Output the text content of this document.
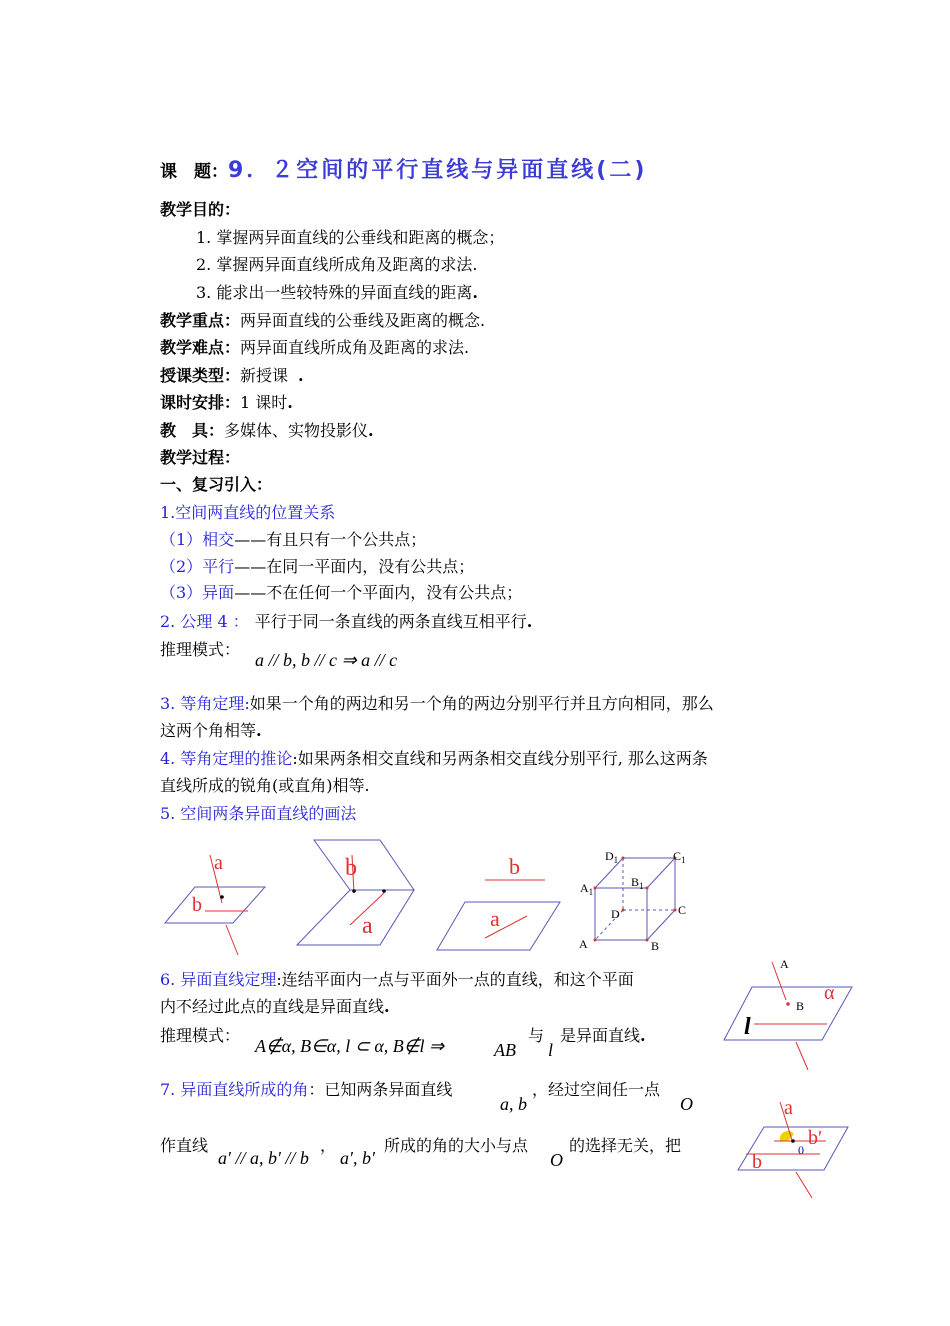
课　题： 9．２空间的平行直线与异面直线(二)
教学目的：
1. 掌握两异面直线的公垂线和距离的概念；
2. 掌握两异面直线所成角及距离的求法.
3. 能求出一些较特殊的异面直线的距离.
教学重点：两异面直线的公垂线及距离的概念.
教学难点：两异面直线所成角及距离的求法.
授课类型：新授课 .
课时安排：1 课时.
教　具：多媒体、实物投影仪.
教学过程：
一、复习引入：
1.空间两直线的位置关系
（1）相交——有且只有一个公共点；
（2）平行——在同一平面内，没有公共点；
（3）异面——不在任何一个平面内，没有公共点；
2. 公理 4 ： 平行于同一条直线的两条直线互相平行.
推理模式：
a // b, b // c ⇒ a // c
3. 等角定理:如果一个角的两边和另一个角的两边分别平行并且方向相同，那么
这两个角相等.
4. 等角定理的推论:如果两条相交直线和另两条相交直线分别平行, 那么这两条
直线所成的锐角(或直角)相等.
5. 空间两条异面直线的画法
a
b
b
a
b
a
$D_1$	$C_1$
$A_1$
$B_1$
D	C
A	B
6. 异面直线定理:连结平面内一点与平面外一点的直线，和这个平面
内不经过此点的直线是异面直线.
推理模式：
A∉α, B∈α, l ⊂ α, B∉l ⇒	AB
与
l
是异面直线.
A
B
α
l
7. 异面直线所成的角：已知两条异面直线
a, b
，经过空间任一点
O
作直线
a′ // a, b′ // b
，
a′, b′
所成的角的大小与点
O
的选择无关，把
a
b′
0
b
